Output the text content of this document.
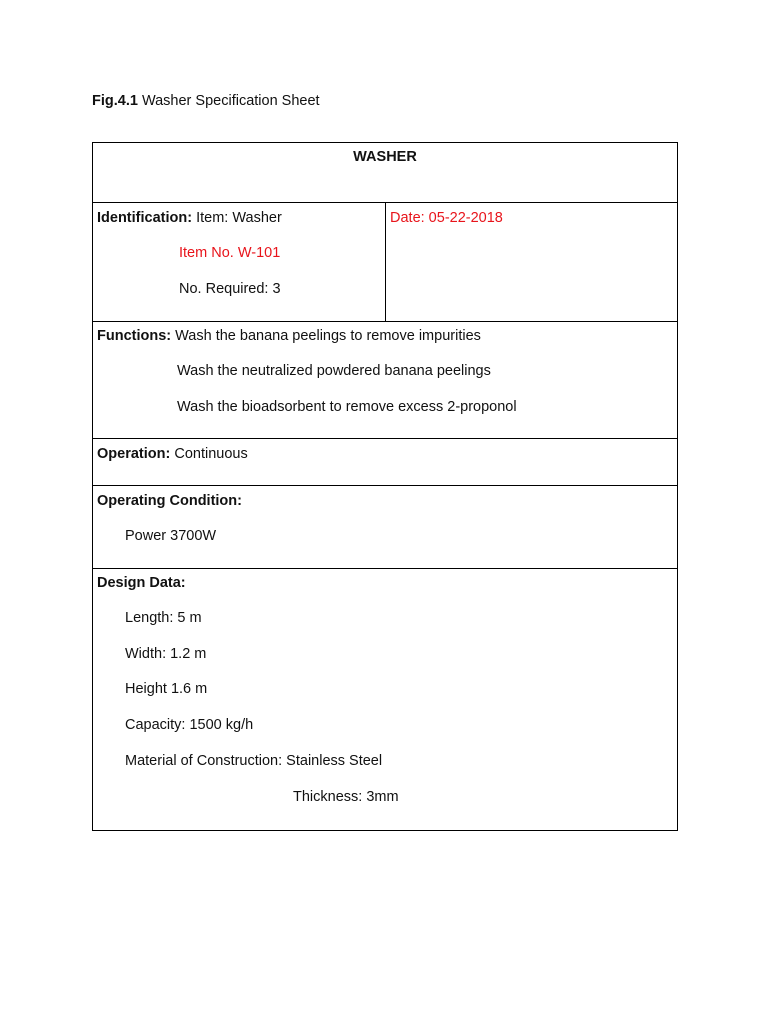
Fig.4.1 Washer Specification Sheet
WASHER
Identification: Item: Washer
Item No. W-101
No. Required: 3
Date: 05-22-2018
Functions: Wash the banana peelings to remove impurities
Wash the neutralized powdered banana peelings
Wash the bioadsorbent to remove excess 2-proponol
Operation: Continuous
Operating Condition:
Power 3700W
Design Data:
Length: 5 m
Width: 1.2 m
Height 1.6 m
Capacity: 1500 kg/h
Material of Construction: Stainless Steel
Thickness: 3mm
